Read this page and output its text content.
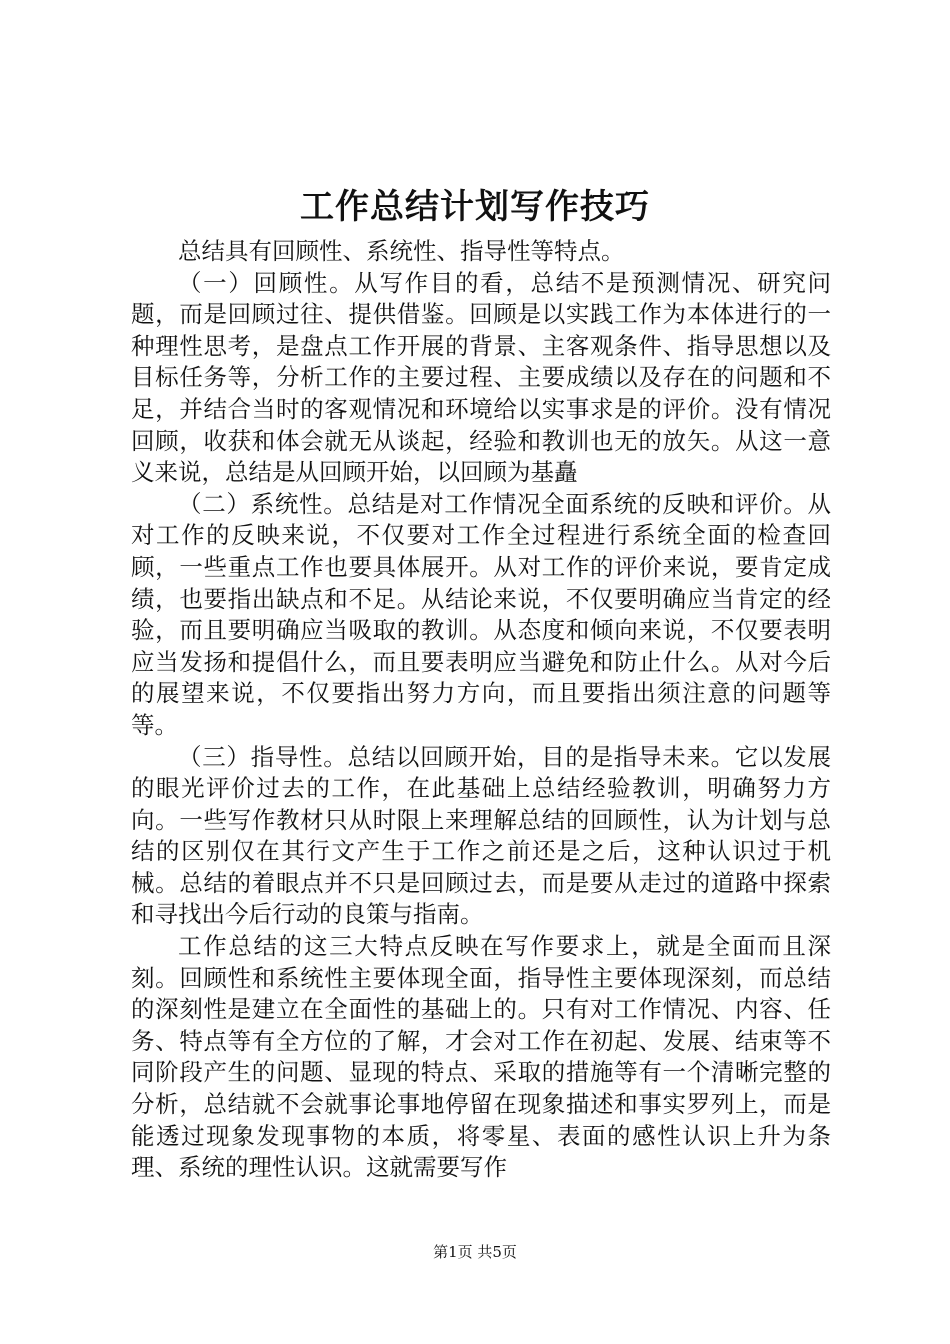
工作总结计划写作技巧

总结具有回顾性、系统性、指导性等特点。

（一）回顾性。从写作目的看，总结不是预测情况、研究问题，而是回顾过往、提供借鉴。回顾是以实践工作为本体进行的一种理性思考，是盘点工作开展的背景、主客观条件、指导思想以及目标任务等，分析工作的主要过程、主要成绩以及存在的问题和不足，并结合当时的客观情况和环境给以实事求是的评价。没有情况回顾，收获和体会就无从谈起，经验和教训也无的放矢。从这一意义来说，总结是从回顾开始，以回顾为基矗

（二）系统性。总结是对工作情况全面系统的反映和评价。从对工作的反映来说，不仅要对工作全过程进行系统全面的检查回顾，一些重点工作也要具体展开。从对工作的评价来说，要肯定成绩，也要指出缺点和不足。从结论来说，不仅要明确应当肯定的经验，而且要明确应当吸取的教训。从态度和倾向来说，不仅要表明应当发扬和提倡什么，而且要表明应当避免和防止什么。从对今后的展望来说，不仅要指出努力方向，而且要指出须注意的问题等等。

（三）指导性。总结以回顾开始，目的是指导未来。它以发展的眼光评价过去的工作，在此基础上总结经验教训，明确努力方向。一些写作教材只从时限上来理解总结的回顾性，认为计划与总结的区别仅在其行文产生于工作之前还是之后，这种认识过于机械。总结的着眼点并不只是回顾过去，而是要从走过的道路中探索和寻找出今后行动的良策与指南。

工作总结的这三大特点反映在写作要求上，就是全面而且深刻。回顾性和系统性主要体现全面，指导性主要体现深刻，而总结的深刻性是建立在全面性的基础上的。只有对工作情况、内容、任务、特点等有全方位的了解，才会对工作在初起、发展、结束等不同阶段产生的问题、显现的特点、采取的措施等有一个清晰完整的分析，总结就不会就事论事地停留在现象描述和事实罗列上，而是能透过现象发现事物的本质，将零星、表面的感性认识上升为条理、系统的理性认识。这就需要写作

第1页 共5页
